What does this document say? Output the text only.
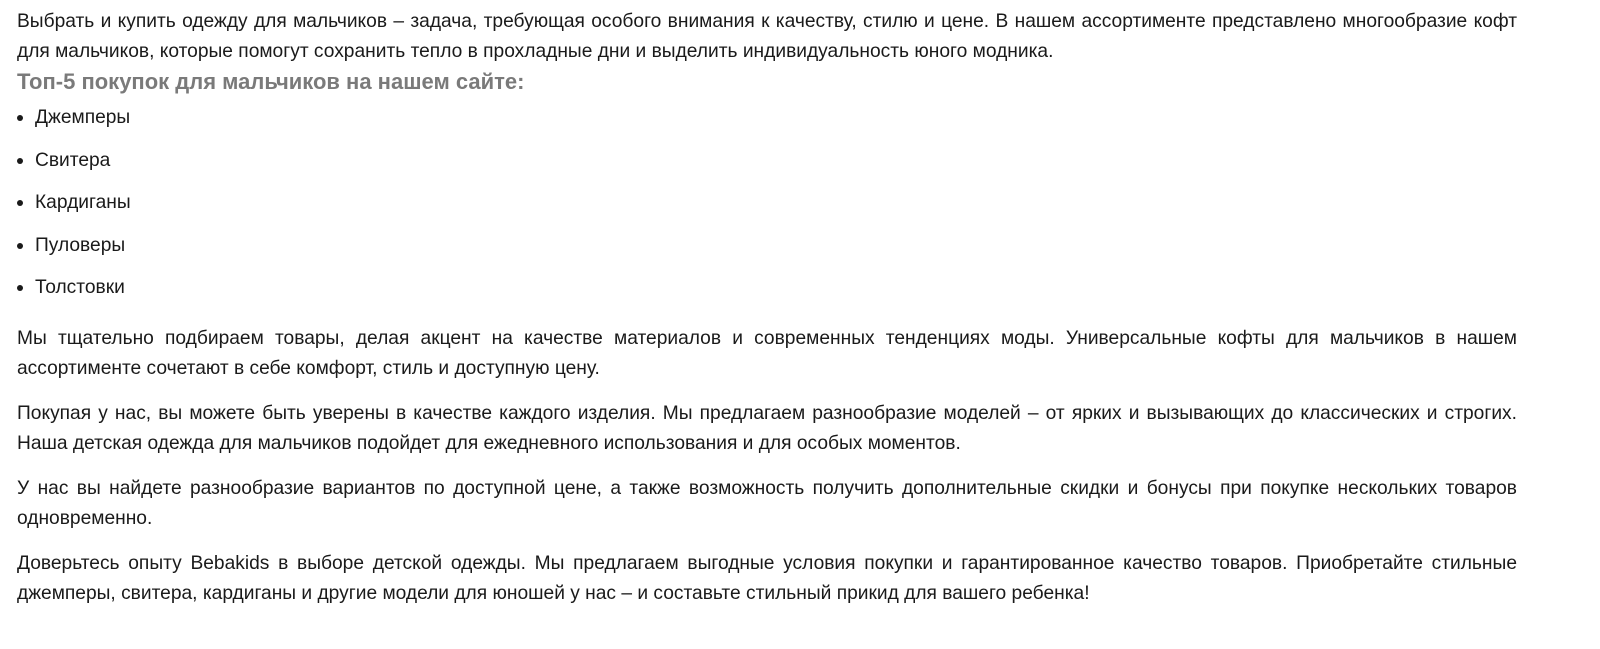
Выбрать и купить одежду для мальчиков – задача, требующая особого внимания к качеству, стилю и цене. В нашем ассортименте представлено многообразие кофт для мальчиков, которые помогут сохранить тепло в прохладные дни и выделить индивидуальность юного модника.

Топ-5 покупок для мальчиков на нашем сайте:
Джемперы
Свитера
Кардиганы
Пуловеры
Толстовки

Мы тщательно подбираем товары, делая акцент на качестве материалов и современных тенденциях моды. Универсальные кофты для мальчиков в нашем ассортименте сочетают в себе комфорт, стиль и доступную цену.

Покупая у нас, вы можете быть уверены в качестве каждого изделия. Мы предлагаем разнообразие моделей – от ярких и вызывающих до классических и строгих. Наша детская одежда для мальчиков подойдет для ежедневного использования и для особых моментов.

У нас вы найдете разнообразие вариантов по доступной цене, а также возможность получить дополнительные скидки и бонусы при покупке нескольких товаров одновременно.

Доверьтесь опыту Bebakids в выборе детской одежды. Мы предлагаем выгодные условия покупки и гарантированное качество товаров. Приобретайте стильные джемперы, свитера, кардиганы и другие модели для юношей у нас – и составьте стильный прикид для вашего ребенка!
